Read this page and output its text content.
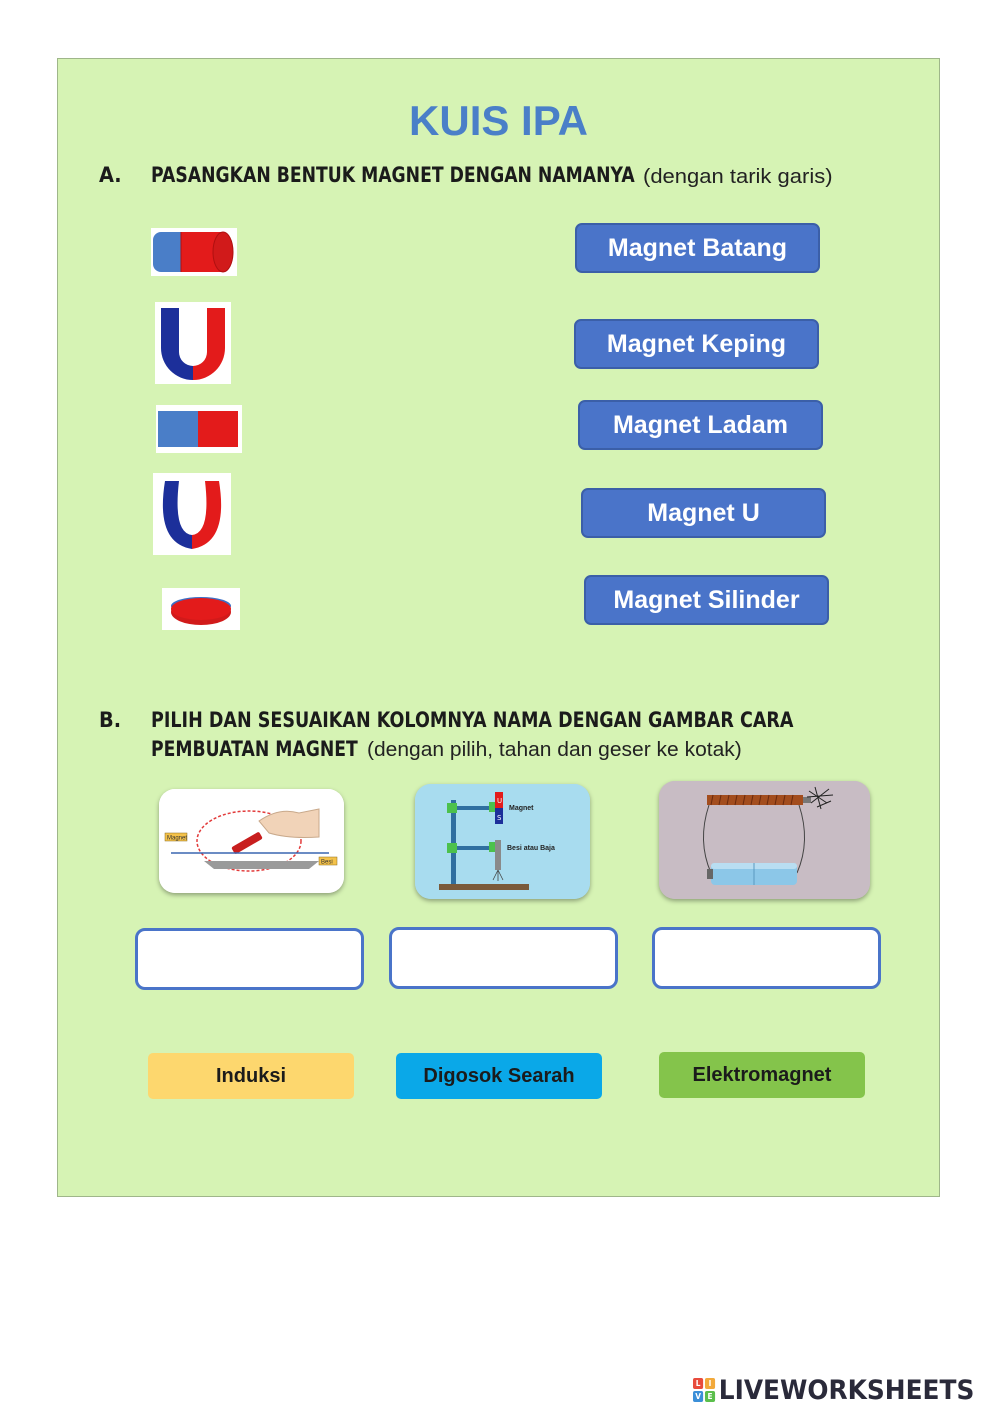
KUIS IPA
A. PASANGKAN BENTUK MAGNET DENGAN NAMANYA (dengan tarik garis)
Magnet Batang
Magnet Keping
Magnet Ladam
Magnet U
Magnet Silinder
B. PILIH DAN SESUAIKAN KOLOMNYA NAMA DENGAN GAMBAR CARA
PEMBUATAN MAGNET (dengan pilih, tahan dan geser ke kotak)
Magnet
Besi
U
S
Magnet
Besi atau Baja
Induksi	Digosok Searah	Elektromagnet
L	I
V E LIVEWORKSHEETS
